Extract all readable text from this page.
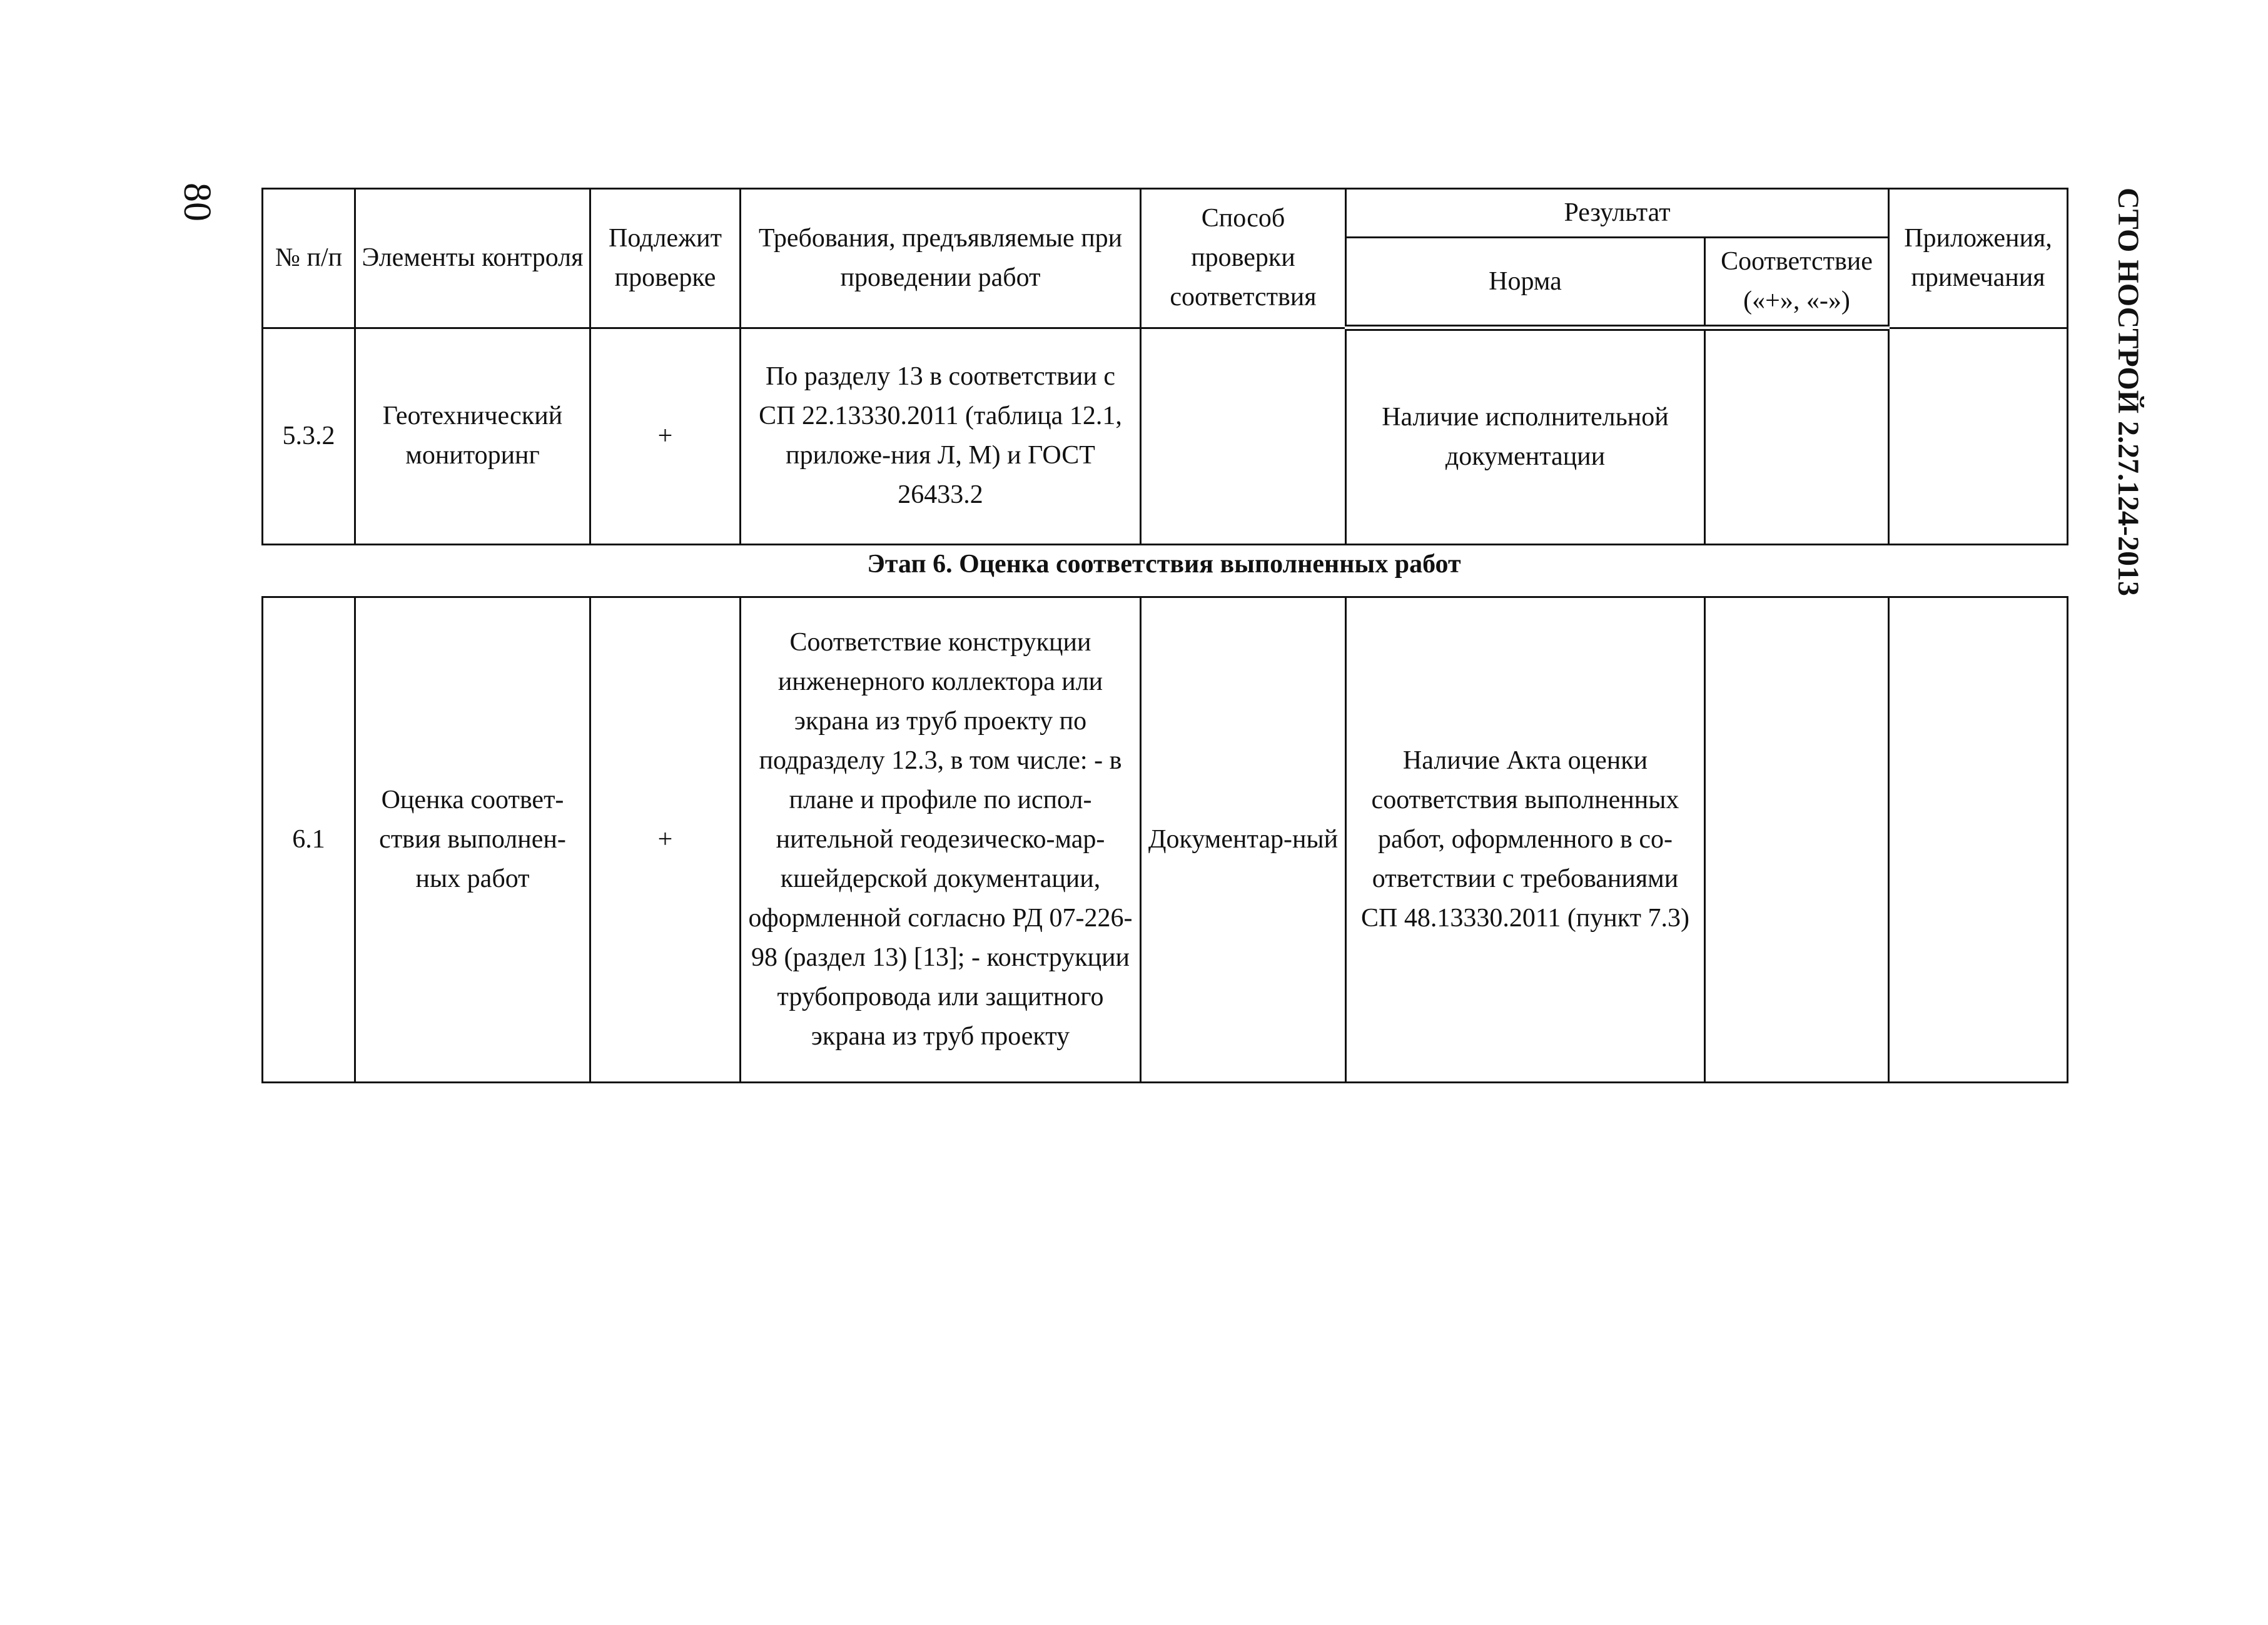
80	СТО НОСТРОЙ 2.27.124-2013
№ п/п	Элементы контроля	Подлежит проверке	Требования, предъявляемые при проведении работ	Способ проверки соответствия	Результат		Приложения, примечания
					Норма	Соответствие («+», «-»)	
5.3.2	Геотехнический мониторинг	+	По разделу 13 в соответствии с СП 22.13330.2011 (таблица 12.1, приложе-ния Л, М) и ГОСТ 26433.2		Наличие исполнительной документации		
Этап 6. Оценка соответствия выполненных работ
6.1	Оценка соответ-ствия выполнен-ных работ	+	Соответствие конструкции инженерного коллектора или экрана из труб проекту по подразделу 12.3, в том числе: - в плане и профиле по испол-нительной геодезическо-мар-кшейдерской документации, оформленной согласно РД 07-226-98 (раздел 13) [13]; - конструкции трубопровода или защитного экрана из труб проекту	Документар-ный	Наличие Акта оценки соответствия выполненных работ, оформленного в со-ответствии с требованиями СП 48.13330.2011 (пункт 7.3)		
